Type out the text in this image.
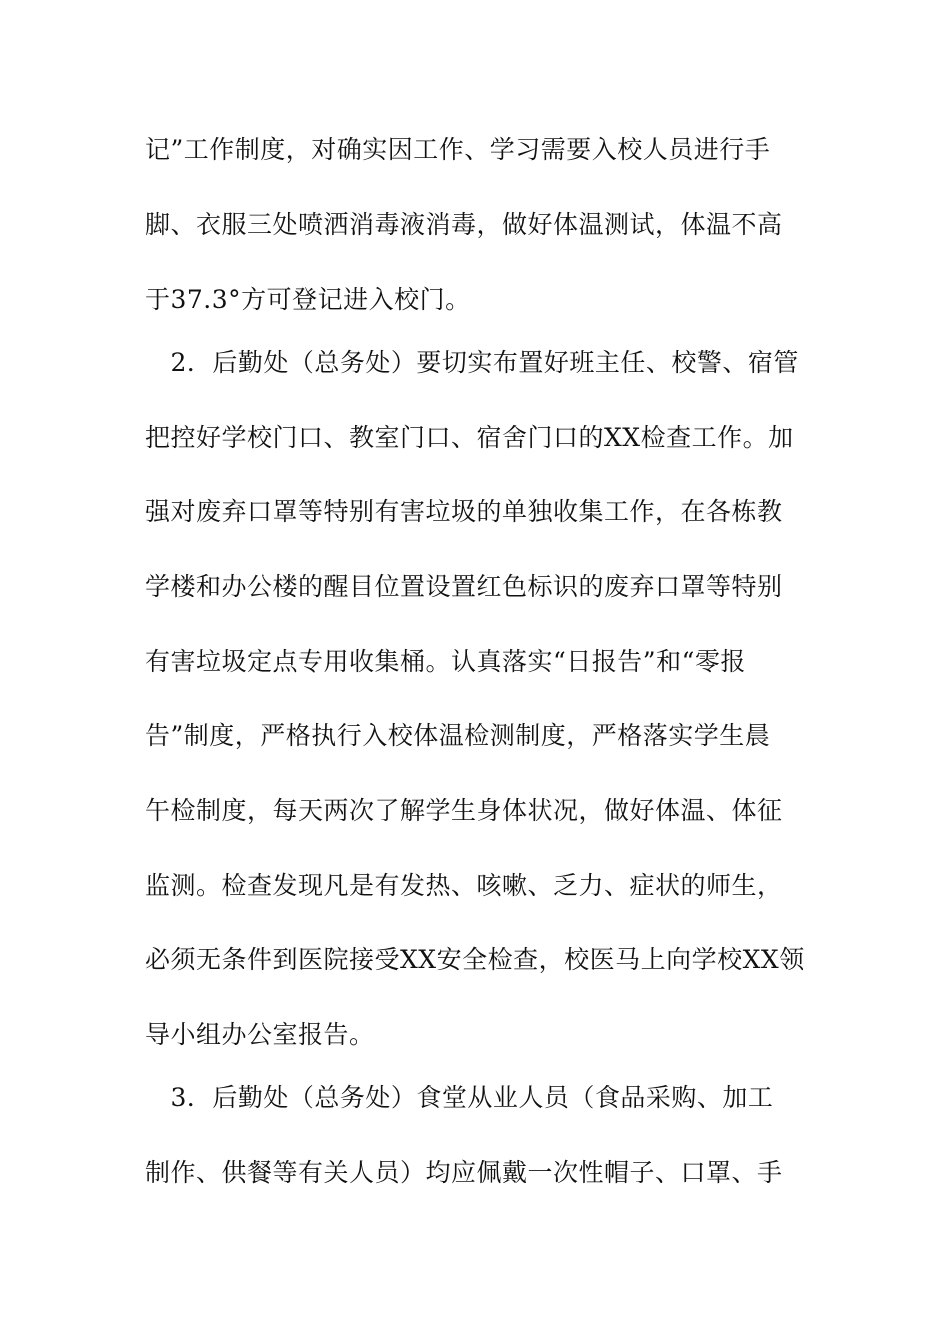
记”工作制度，对确实因工作、学习需要入校人员进行手
脚、衣服三处喷洒消毒液消毒，做好体温测试，体温不高
于37.3°方可登记进入校门。
　2．后勤处（总务处）要切实布置好班主任、校警、宿管
把控好学校门口、教室门口、宿舍门口的XX检查工作。加
强对废弃口罩等特别有害垃圾的单独收集工作，在各栋教
学楼和办公楼的醒目位置设置红色标识的废弃口罩等特别
有害垃圾定点专用收集桶。认真落实“日报告”和“零报
告”制度，严格执行入校体温检测制度，严格落实学生晨
午检制度，每天两次了解学生身体状况，做好体温、体征
监测。检查发现凡是有发热、咳嗽、乏力、症状的师生，
必须无条件到医院接受XX安全检查，校医马上向学校XX领
导小组办公室报告。
　3．后勤处（总务处）食堂从业人员（食品采购、加工
制作、供餐等有关人员）均应佩戴一次性帽子、口罩、手
